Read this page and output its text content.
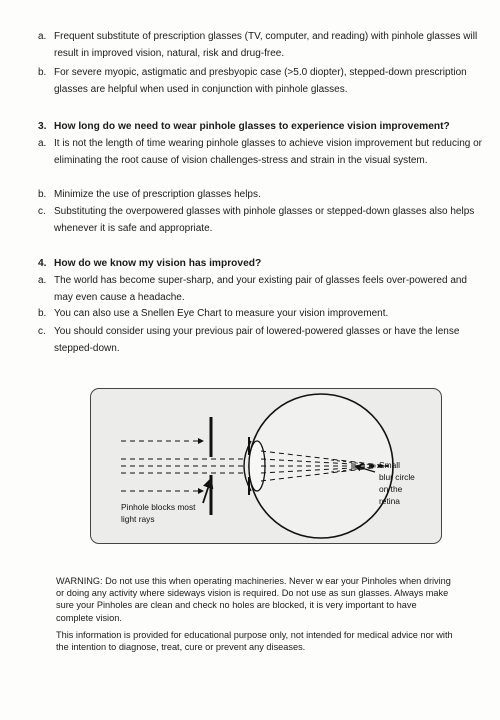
a. Frequent substitute of prescription glasses (TV, computer, and reading) with pinhole glasses will result in improved vision, natural, risk and drug-free.
b. For severe myopic, astigmatic and presbyopic case (>5.0 diopter), stepped-down prescription glasses are helpful when used in conjunction with pinhole glasses.
3. How long do we need to wear pinhole glasses to experience vision improvement?
a. It is not the length of time wearing pinhole glasses to achieve vision improvement but reducing or eliminating the root cause of vision challenges-stress and strain in the visual system.
b. Minimize the use of prescription glasses helps.
c. Substituting the overpowered glasses with pinhole glasses or stepped-down glasses also helps whenever it is safe and appropriate.
4. How do we know my vision has improved?
a. The world has become super-sharp, and your existing pair of glasses feels over-powered and may even cause a headache.
b. You can also use a Snellen Eye Chart to measure your vision improvement.
c. You should consider using your previous pair of lowered-powered glasses or have the lense stepped-down.
Pinhole blocks most
light rays
Small
blur circle
on the
retina
WARNING: Do not use this when operating machineries. Never w ear your Pinholes when driving or doing any activity where sideways vision is required. Do not use as sun glasses. Always make sure your Pinholes are clean and check no holes are blocked, it is very important to have complete vision.
This information is provided for educational purpose only, not intended for medical advice nor with the intention to diagnose, treat, cure or prevent any diseases.
